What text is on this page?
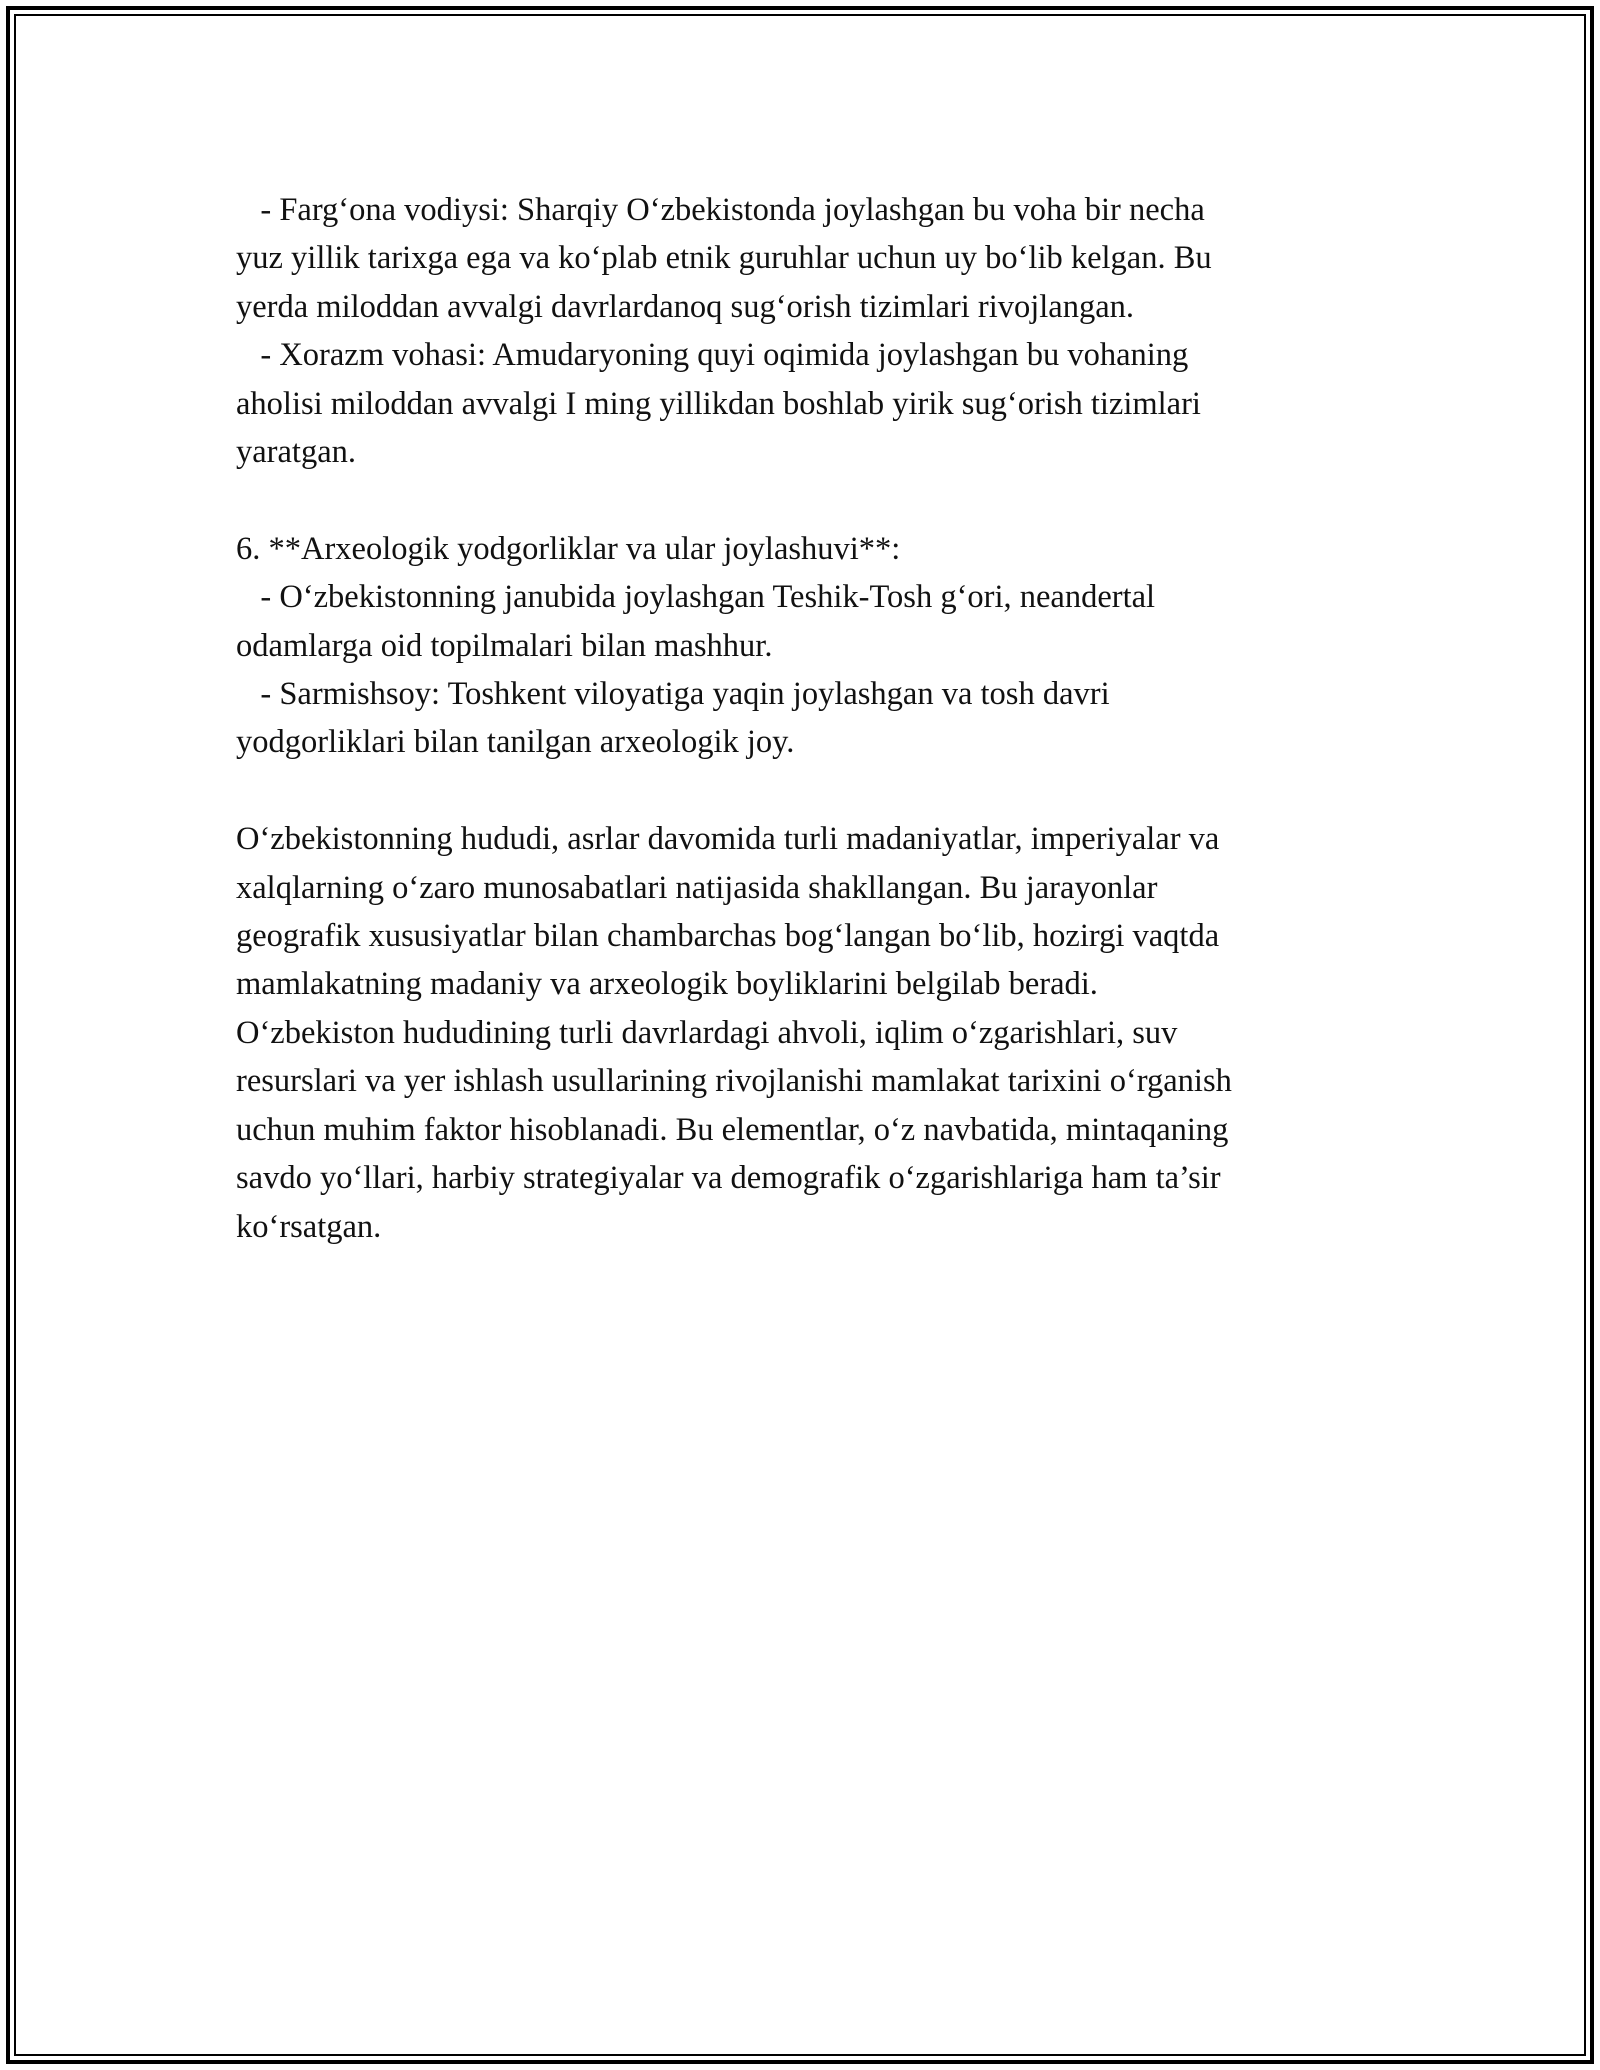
- Farg‘ona vodiysi: Sharqiy O‘zbekistonda joylashgan bu voha bir necha

yuz yillik tarixga ega va ko‘plab etnik guruhlar uchun uy bo‘lib kelgan. Bu

yerda miloddan avvalgi davrlardanoq sug‘orish tizimlari rivojlangan.

- Xorazm vohasi: Amudaryoning quyi oqimida joylashgan bu vohaning

aholisi miloddan avvalgi I ming yillikdan boshlab yirik sug‘orish tizimlari

yaratgan.

6. **Arxeologik yodgorliklar va ular joylashuvi**:

- O‘zbekistonning janubida joylashgan Teshik-Tosh g‘ori, neandertal

odamlarga oid topilmalari bilan mashhur.

- Sarmishsoy: Toshkent viloyatiga yaqin joylashgan va tosh davri

yodgorliklari bilan tanilgan arxeologik joy.

O‘zbekistonning hududi, asrlar davomida turli madaniyatlar, imperiyalar va

xalqlarning o‘zaro munosabatlari natijasida shakllangan. Bu jarayonlar

geografik xususiyatlar bilan chambarchas bog‘langan bo‘lib, hozirgi vaqtda

mamlakatning madaniy va arxeologik boyliklarini belgilab beradi.

O‘zbekiston hududining turli davrlardagi ahvoli, iqlim o‘zgarishlari, suv

resurslari va yer ishlash usullarining rivojlanishi mamlakat tarixini o‘rganish

uchun muhim faktor hisoblanadi. Bu elementlar, o‘z navbatida, mintaqaning

savdo yo‘llari, harbiy strategiyalar va demografik o‘zgarishlariga ham ta’sir

ko‘rsatgan.
